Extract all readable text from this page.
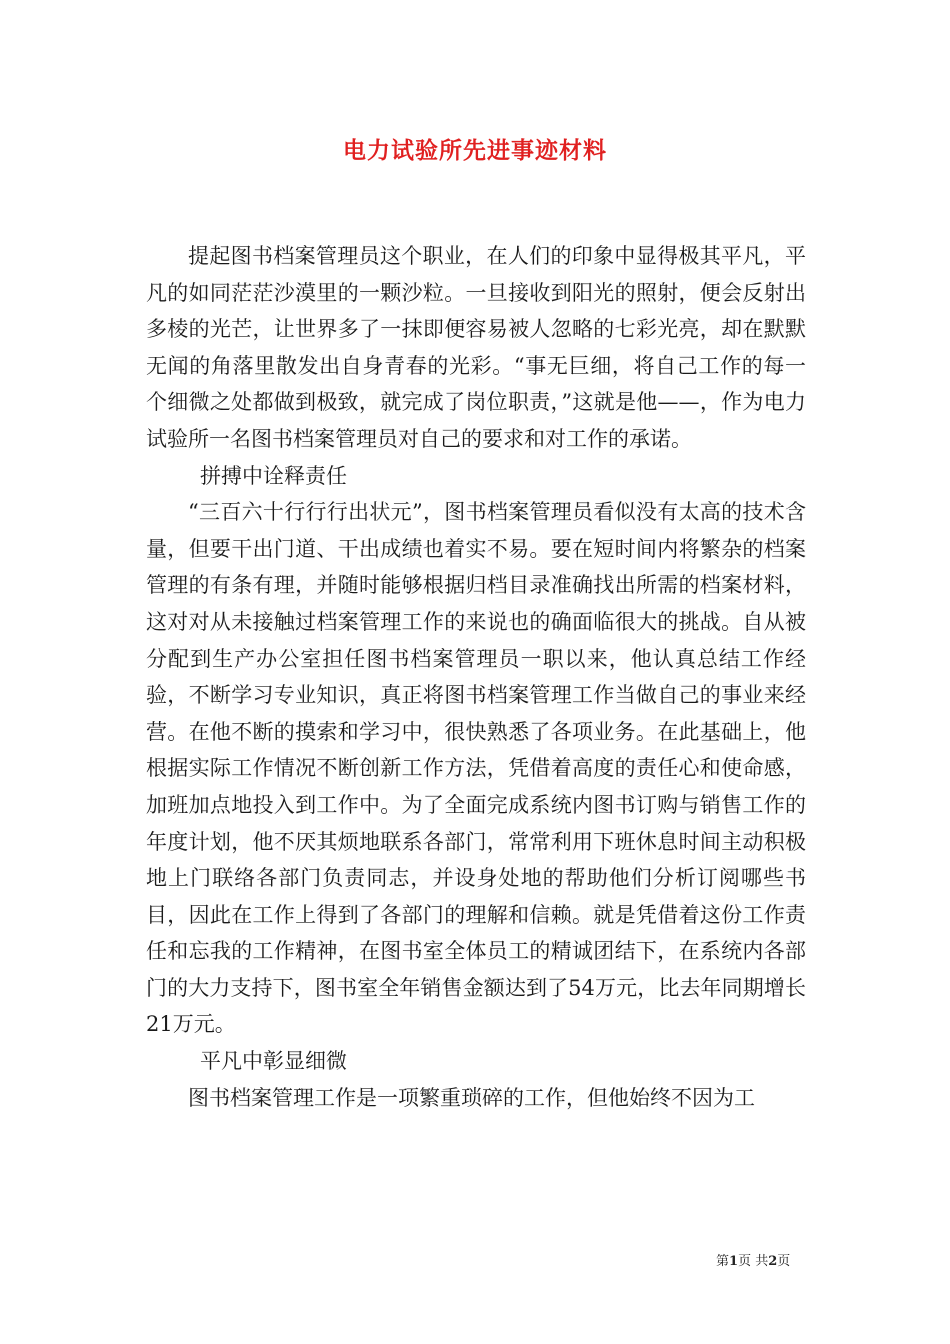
电力试验所先进事迹材料

提起图书档案管理员这个职业，在人们的印象中显得极其平凡，平凡的如同茫茫沙漠里的一颗沙粒。一旦接收到阳光的照射，便会反射出多棱的光芒，让世界多了一抹即便容易被人忽略的七彩光亮，却在默默无闻的角落里散发出自身青春的光彩。“事无巨细，将自己工作的每一个细微之处都做到极致，就完成了岗位职责，”这就是他——，作为电力试验所一名图书档案管理员对自己的要求和对工作的承诺。

拼搏中诠释责任

“三百六十行行行出状元”，图书档案管理员看似没有太高的技术含量，但要干出门道、干出成绩也着实不易。要在短时间内将繁杂的档案管理的有条有理，并随时能够根据归档目录准确找出所需的档案材料，这对对从未接触过档案管理工作的来说也的确面临很大的挑战。自从被分配到生产办公室担任图书档案管理员一职以来，他认真总结工作经验，不断学习专业知识，真正将图书档案管理工作当做自己的事业来经营。在他不断的摸索和学习中，很快熟悉了各项业务。在此基础上，他根据实际工作情况不断创新工作方法，凭借着高度的责任心和使命感，加班加点地投入到工作中。为了全面完成系统内图书订购与销售工作的年度计划，他不厌其烦地联系各部门，常常利用下班休息时间主动积极地上门联络各部门负责同志，并设身处地的帮助他们分析订阅哪些书目，因此在工作上得到了各部门的理解和信赖。就是凭借着这份工作责任和忘我的工作精神，在图书室全体员工的精诚团结下，在系统内各部门的大力支持下，图书室全年销售金额达到了54万元，比去年同期增长21万元。

平凡中彰显细微

图书档案管理工作是一项繁重琐碎的工作，但他始终不因为工

第1页 共2页
